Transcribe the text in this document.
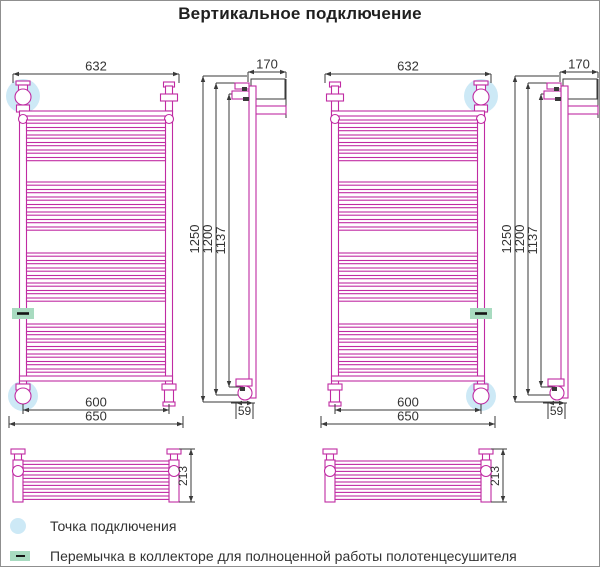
Вертикальное подключение
632
600
650
1250
1200
1137
170
59
213
632
600
650
1250
1200
1137
170
59
213
Точка подключения
Перемычка в коллекторе для полноценной работы полотенцесушителя
